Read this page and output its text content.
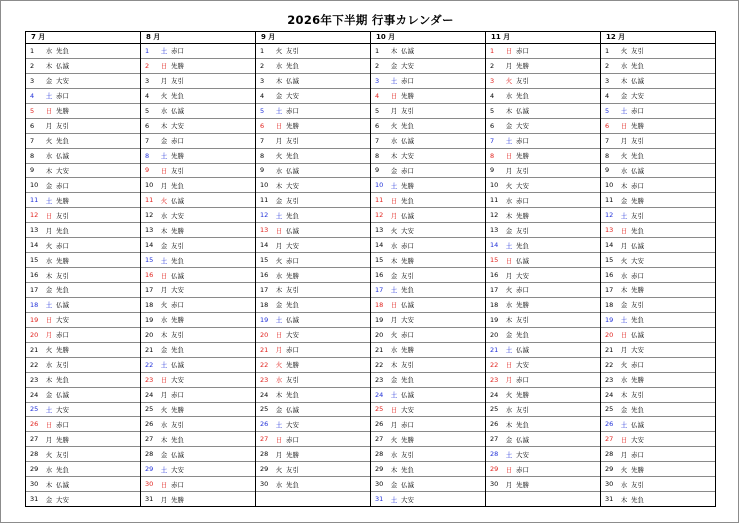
2026年下半期 行事カレンダー
7 月
1	水 先負
2	木 仏滅
3	金 大安
4	土 赤口
5	日 先勝
6	月 友引
7	火 先負
8	水 仏滅
9	木 大安
10	金 赤口
11	土 先勝
12	日 友引
13	月 先負
14	火 赤口
15	水 先勝
16	木 友引
17	金 先負
18	土 仏滅
19	日 大安
20	月 赤口
21	火 先勝
22	水 友引
23	木 先負
24	金 仏滅
25	土 大安
26	日 赤口
27	月 先勝
28	火 友引
29	水 先負
30	木 仏滅
31	金 大安
8 月
1	土 赤口
2	日 先勝
3	月 友引
4	火 先負
5	水 仏滅
6	木 大安
7	金 赤口
8	土 先勝
9	日 友引
10	月 先負
11	火 仏滅
12	水 大安
13	木 先勝
14	金 友引
15	土 先負
16	日 仏滅
17	月 大安
18	火 赤口
19	水 先勝
20	木 友引
21	金 先負
22	土 仏滅
23	日 大安
24	月 赤口
25	火 先勝
26	水 友引
27	木 先負
28	金 仏滅
29	土 大安
30	日 赤口
31	月 先勝
9 月
1	火 友引
2	水 先負
3	木 仏滅
4	金 大安
5	土 赤口
6	日 先勝
7	月 友引
8	火 先負
9	水 仏滅
10	木 大安
11	金 友引
12	土 先負
13	日 仏滅
14	月 大安
15	火 赤口
16	水 先勝
17	木 友引
18	金 先負
19	土 仏滅
20	日 大安
21	月 赤口
22	火 先勝
23	水 友引
24	木 先負
25	金 仏滅
26	土 大安
27	日 赤口
28	月 先勝
29	火 友引
30	水 先負
10 月
1	木 仏滅
2	金 大安
3	土 赤口
4	日 先勝
5	月 友引
6	火 先負
7	水 仏滅
8	木 大安
9	金 赤口
10	土 先勝
11	日 先負
12	月 仏滅
13	火 大安
14	水 赤口
15	木 先勝
16	金 友引
17	土 先負
18	日 仏滅
19	月 大安
20	火 赤口
21	水 先勝
22	木 友引
23	金 先負
24	土 仏滅
25	日 大安
26	月 赤口
27	火 先勝
28	水 友引
29	木 先負
30	金 仏滅
31	土 大安
11 月
1	日 赤口
2	月 先勝
3	火 友引
4	水 先負
5	木 仏滅
6	金 大安
7	土 赤口
8	日 先勝
9	月 友引
10	火 大安
11	水 赤口
12	木 先勝
13	金 友引
14	土 先負
15	日 仏滅
16	月 大安
17	火 赤口
18	水 先勝
19	木 友引
20	金 先負
21	土 仏滅
22	日 大安
23	月 赤口
24	火 先勝
25	水 友引
26	木 先負
27	金 仏滅
28	土 大安
29	日 赤口
30	月 先勝
12 月
1	火 友引
2	水 先負
3	木 仏滅
4	金 大安
5	土 赤口
6	日 先勝
7	月 友引
8	火 先負
9	水 仏滅
10	木 赤口
11	金 先勝
12	土 友引
13	日 先負
14	月 仏滅
15	火 大安
16	水 赤口
17	木 先勝
18	金 友引
19	土 先負
20	日 仏滅
21	月 大安
22	火 赤口
23	水 先勝
24	木 友引
25	金 先負
26	土 仏滅
27	日 大安
28	月 赤口
29	火 先勝
30	水 友引
31	木 先負
